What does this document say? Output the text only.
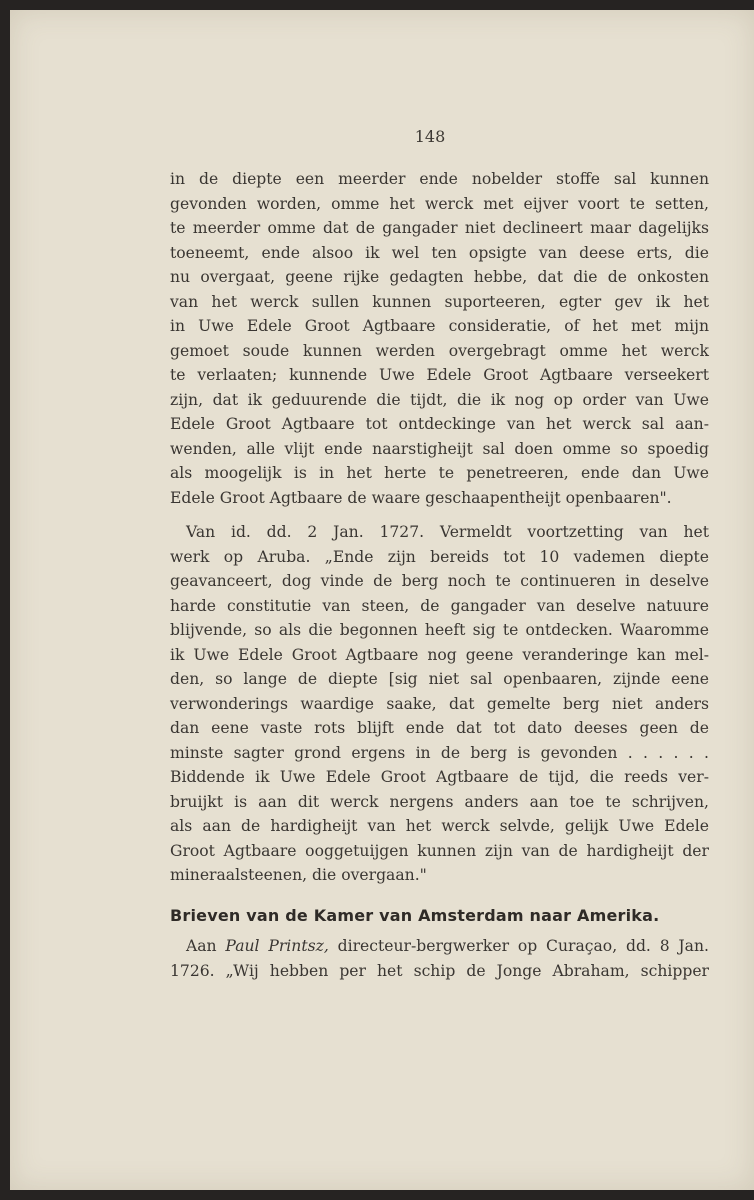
148
in de diepte een meerder ende nobelder stoffe sal kunnen
gevonden worden, omme het werck met eijver voort te setten,
te meerder omme dat de gangader niet declineert maar dagelijks
toeneemt, ende alsoo ik wel ten opsigte van deese erts, die
nu overgaat, geene rijke gedagten hebbe, dat die de onkosten
van het werck sullen kunnen suporteeren, egter gev ik het
in Uwe Edele Groot Agtbaare consideratie, of het met mijn
gemoet soude kunnen werden overgebragt omme het werck
te verlaaten; kunnende Uwe Edele Groot Agtbaare verseekert
zijn, dat ik geduurende die tijdt, die ik nog op order van Uwe
Edele Groot Agtbaare tot ontdeckinge van het werck sal aan-
wenden, alle vlijt ende naarstigheijt sal doen omme so spoedig
als moogelijk is in het herte te penetreeren, ende dan Uwe
Edele Groot Agtbaare de waare geschaapentheijt openbaaren".
Van id. dd. 2 Jan. 1727. Vermeldt voortzetting van het
werk op Aruba. „Ende zijn bereids tot 10 vademen diepte
geavanceert, dog vinde de berg noch te continueren in deselve
harde constitutie van steen, de gangader van deselve natuure
blijvende, so als die begonnen heeft sig te ontdecken. Waaromme
ik Uwe Edele Groot Agtbaare nog geene veranderinge kan mel-
den, so lange de diepte [sig niet sal openbaaren, zijnde eene
verwonderings waardige saake, dat gemelte berg niet anders
dan eene vaste rots blijft ende dat tot dato deeses geen de
minste sagter grond ergens in de berg is gevonden . . . . . .
Biddende ik Uwe Edele Groot Agtbaare de tijd, die reeds ver-
bruijkt is aan dit werck nergens anders aan toe te schrijven,
als aan de hardigheijt van het werck selvde, gelijk Uwe Edele
Groot Agtbaare ooggetuijgen kunnen zijn van de hardigheijt der
mineraalsteenen, die overgaan."
Brieven van de Kamer van Amsterdam naar Amerika.
Aan Paul Printsz, directeur-bergwerker op Curaçao, dd. 8 Jan.
1726. „Wij hebben per het schip de Jonge Abraham, schipper
